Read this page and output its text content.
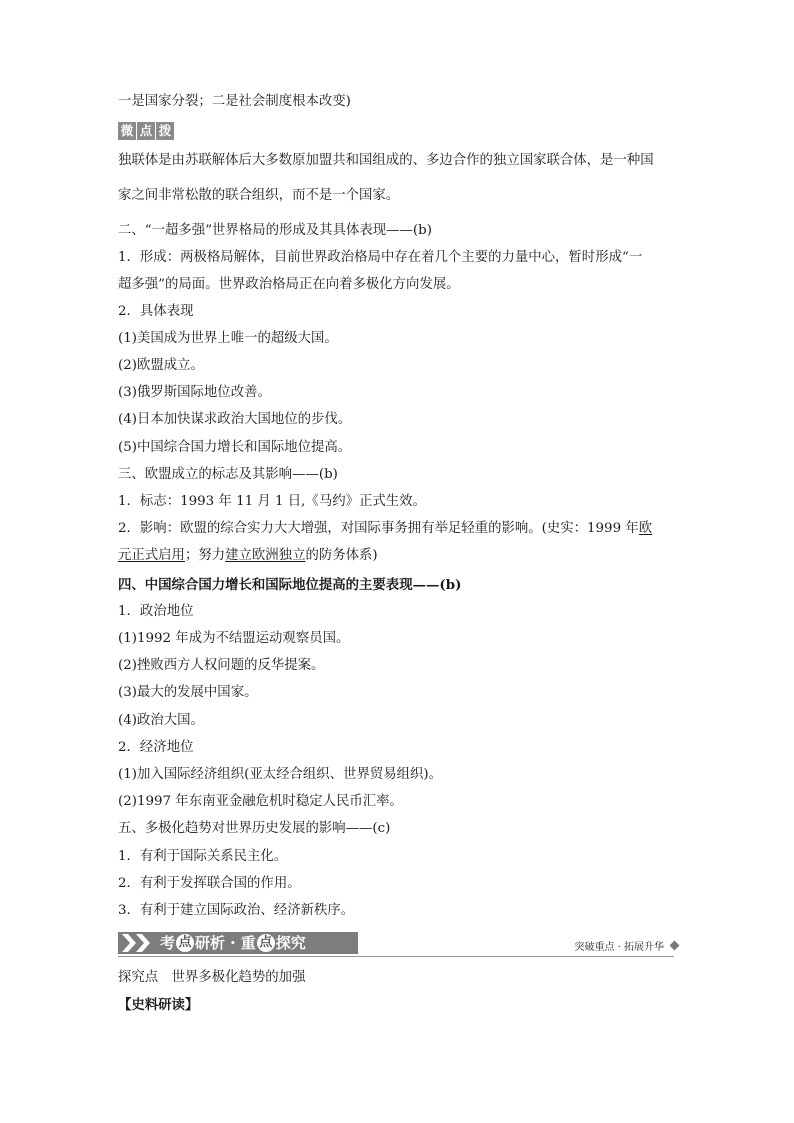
一是国家分裂；二是社会制度根本改变)
微 点 拨
独联体是由苏联解体后大多数原加盟共和国组成的、多边合作的独立国家联合体，是一种国
家之间非常松散的联合组织，而不是一个国家。
二、“一超多强”世界格局的形成及其具体表现——(b)
1．形成：两极格局解体，目前世界政治格局中存在着几个主要的力量中心，暂时形成“一
超多强”的局面。世界政治格局正在向着多极化方向发展。
2．具体表现
(1)美国成为世界上唯一的超级大国。
(2)欧盟成立。
(3)俄罗斯国际地位改善。
(4)日本加快谋求政治大国地位的步伐。
(5)中国综合国力增长和国际地位提高。
三、欧盟成立的标志及其影响——(b)
1．标志：1993 年 11 月 1 日,《马约》正式生效。
2．影响：欧盟的综合实力大大增强，对国际事务拥有举足轻重的影响。(史实：1999 年欧
元正式启用；努力建立欧洲独立的防务体系)
四、中国综合国力增长和国际地位提高的主要表现——(b)
1．政治地位
(1)1992 年成为不结盟运动观察员国。
(2)挫败西方人权问题的反华提案。
(3)最大的发展中国家。
(4)政治大国。
2．经济地位
(1)加入国际经济组织(亚太经合组织、世界贸易组织)。
(2)1997 年东南亚金融危机时稳定人民币汇率。
五、多极化趋势对世界历史发展的影响——(c)
1．有利于国际关系民主化。
2．有利于发挥联合国的作用。
3．有利于建立国际政治、经济新秩序。
考 点 研析 · 重 点 探究	突破重点 · 拓展升华
探究点　世界多极化趋势的加强
【史料研读】
